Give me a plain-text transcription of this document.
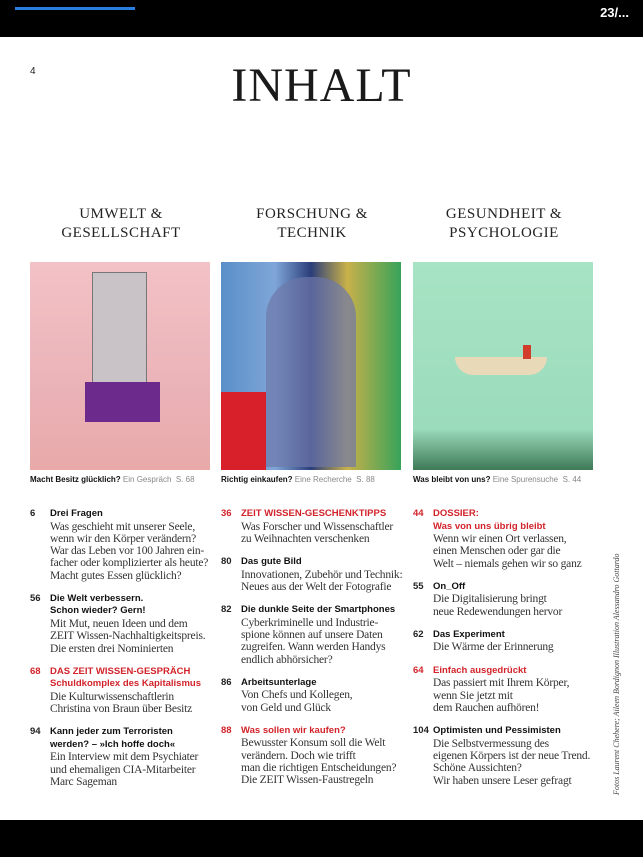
23/...
4	INHALT
UMWELT &
GESELLSCHAFT
Macht Besitz glücklich? Ein Gespräch S. 68
6	Drei Fragen
Was geschieht mit unserer Seele,
wenn wir den Körper verändern?
War das Leben vor 100 Jahren ein-
facher oder komplizierter als heute?
Macht gutes Essen glücklich?
56 Die Welt verbessern.
Schon wieder? Gern!
Mit Mut, neuen Ideen und dem
ZEIT Wissen-Nachhaltigkeitspreis.
Die ersten drei Nominierten
68 DAS ZEIT WISSEN-GESPRÄCH
Schuldkomplex des Kapitalismus
Die Kulturwissenschaftlerin
Christina von Braun über Besitz
94 Kann jeder zum Terroristen
werden? – »Ich hoffe doch«
Ein Interview mit dem Psychiater
und ehemaligen CIA-Mitarbeiter
Marc Sageman
FORSCHUNG &
TECHNIK
Richtig einkaufen? Eine Recherche S. 88
36 ZEIT WISSEN-GESCHENKTIPPS
Was Forscher und Wissenschaftler
zu Weihnachten verschenken
80 Das gute Bild
Innovationen, Zubehör und Technik:
Neues aus der Welt der Fotografie
82 Die dunkle Seite der Smartphones
Cyberkriminelle und Industrie-
spione können auf unsere Daten
zugreifen. Wann werden Handys
endlich abhörsicher?
86 Arbeitsunterlage
Von Chefs und Kollegen,
von Geld und Glück
88 Was sollen wir kaufen?
Bewusster Konsum soll die Welt
verändern. Doch wie trifft
man die richtigen Entscheidungen?
Die ZEIT Wissen-Faustregeln
GESUNDHEIT &
PSYCHOLOGIE
Was bleibt von uns? Eine Spurensuche S. 44
44 DOSSIER:
Was von uns übrig bleibt
Wenn wir einen Ort verlassen,
einen Menschen oder gar die
Welt – niemals gehen wir so ganz
55 On_Off
Die Digitalisierung bringt
neue Redewendungen hervor
62 Das Experiment
Die Wärme der Erinnerung
64 Einfach ausgedrückt
Das passiert mit Ihrem Körper,
wenn Sie jetzt mit
dem Rauchen aufhören!
104 Optimisten und Pessimisten
Die Selbstvermessung des
eigenen Körpers ist der neue Trend.
Schöne Aussichten?
Wir haben unsere Leser gefragt	Fotos Laurent Chehere; Aileen Bordignon Illustration Alessandro Gottardo
